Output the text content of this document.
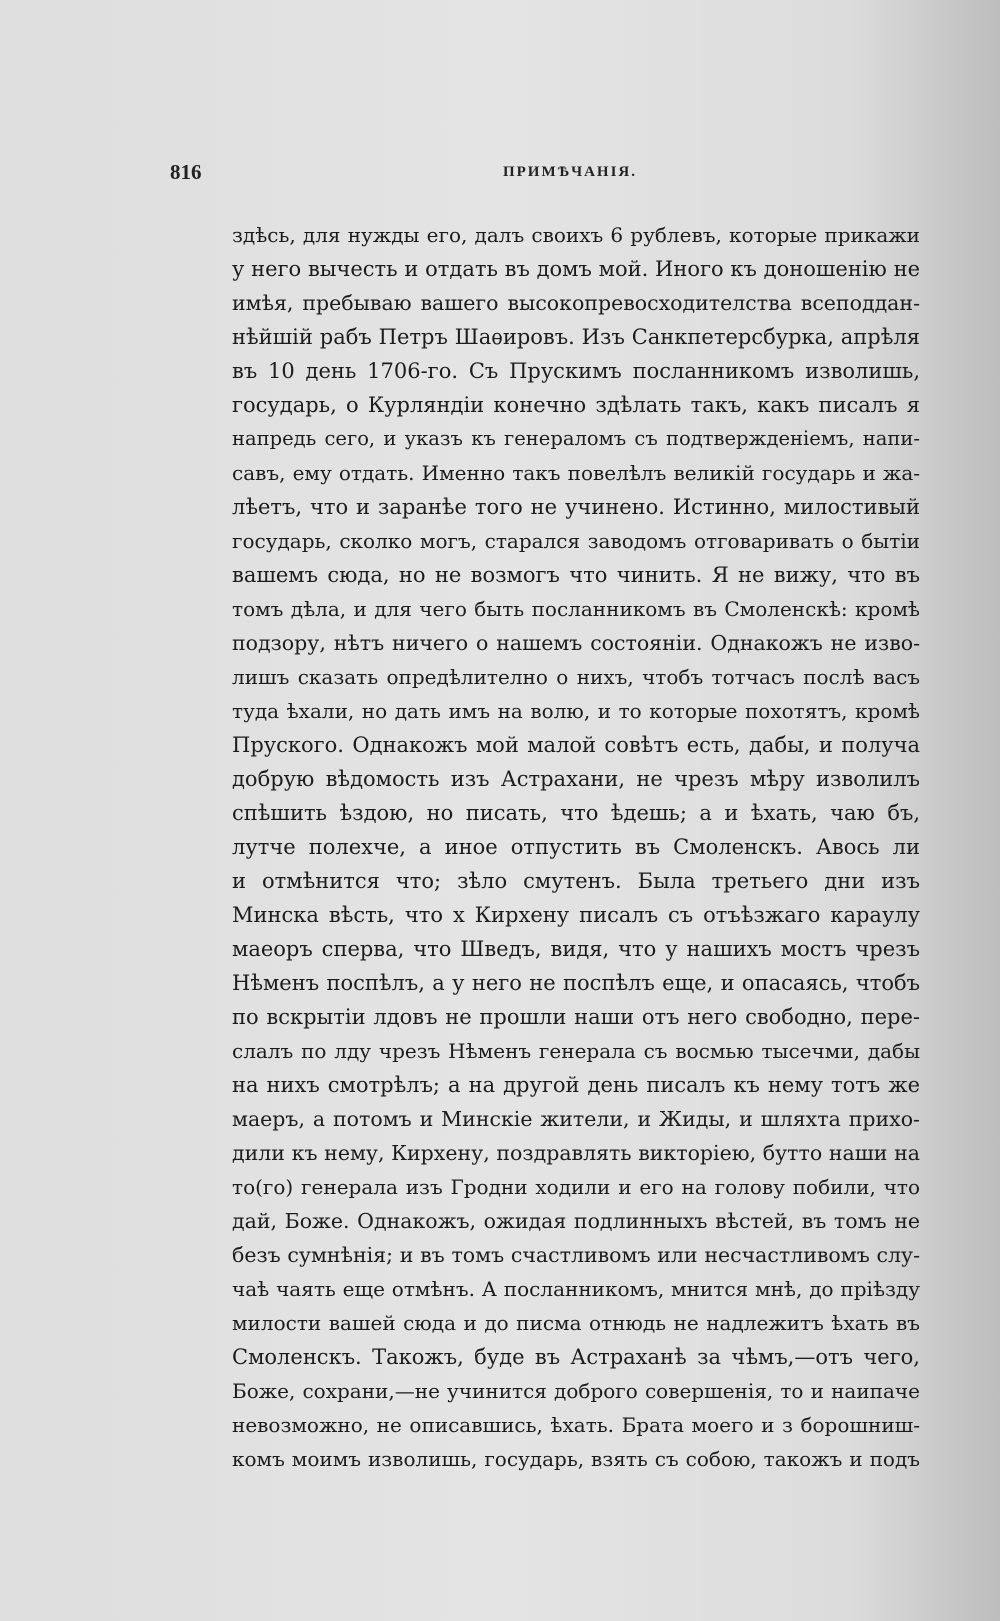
816	ПРИМѢЧАНІЯ.
здѣсь, для нужды его, далъ своихъ 6 рублевъ, которые прикажи
у него вычесть и отдать въ домъ мой. Иного къ доношенію не
имѣя, пребываю вашего высокопревосходителства всеподдан-
нѣйшій рабъ Петръ Шаѳировъ. Изъ Санкпетерсбурка, апрѣля
въ 10 день 1706-го. Съ Прускимъ посланникомъ изволишь,
государь, о Курляндіи конечно здѣлать такъ, какъ писалъ я
напредь сего, и указъ къ генераломъ съ подтвержденіемъ, напи-
савъ, ему отдать. Именно такъ повелѣлъ великій государь и жа-
лѣетъ, что и заранѣе того не учинено. Истинно, милостивый
государь, сколко могъ, старался заводомъ отговаривать о бытіи
вашемъ сюда, но не возмогъ что чинить. Я не вижу, что въ
томъ дѣла, и для чего быть посланникомъ въ Смоленскѣ: кромѣ
подзору, нѣтъ ничего о нашемъ состояніи. Однакожъ не изво-
лишъ сказать опредѣлително о нихъ, чтобъ тотчасъ послѣ васъ
туда ѣхали, но дать имъ на волю, и то которые похотятъ, кромѣ
Пруского. Однакожъ мой малой совѣтъ есть, дабы, и получа
добрую вѣдомость изъ Астрахани, не чрезъ мѣру изволилъ
спѣшить ѣздою, но писать, что ѣдешь; а и ѣхать, чаю бъ,
лутче полехче, а иное отпустить въ Смоленскъ. Авось ли
и отмѣнится что; зѣло смутенъ. Была третьего дни изъ
Минска вѣсть, что х Кирхену писалъ съ отъѣзжаго караулу
маеоръ сперва, что Шведъ, видя, что у нашихъ мостъ чрезъ
Нѣменъ поспѣлъ, а у него не поспѣлъ еще, и опасаясь, чтобъ
по вскрытіи лдовъ не прошли наши отъ него свободно, пере-
слалъ по лду чрезъ Нѣменъ генерала съ восмью тысечми, дабы
на нихъ смотрѣлъ; а на другой день писалъ къ нему тотъ же
маеръ, а потомъ и Минскіе жители, и Жиды, и шляхта прихо-
дили къ нему, Кирхену, поздравлять викторіею, бутто наши на
то(го) генерала изъ Гродни ходили и его на голову побили, что
дай, Боже. Однакожъ, ожидая подлинныхъ вѣстей, въ томъ не
безъ сумнѣнія; и въ томъ счастливомъ или несчастливомъ слу-
чаѣ чаять еще отмѣнъ. А посланникомъ, мнится мнѣ, до пріѣзду
милости вашей сюда и до писма отнюдь не надлежитъ ѣхать въ
Смоленскъ. Такожъ, буде въ Астраханѣ за чѣмъ,—отъ чего,
Боже, сохрани,—не учинится доброго совершенія, то и наипаче
невозможно, не описавшись, ѣхать. Брата моего и з борошниш-
комъ моимъ изволишь, государь, взять съ собою, такожъ и подъ
